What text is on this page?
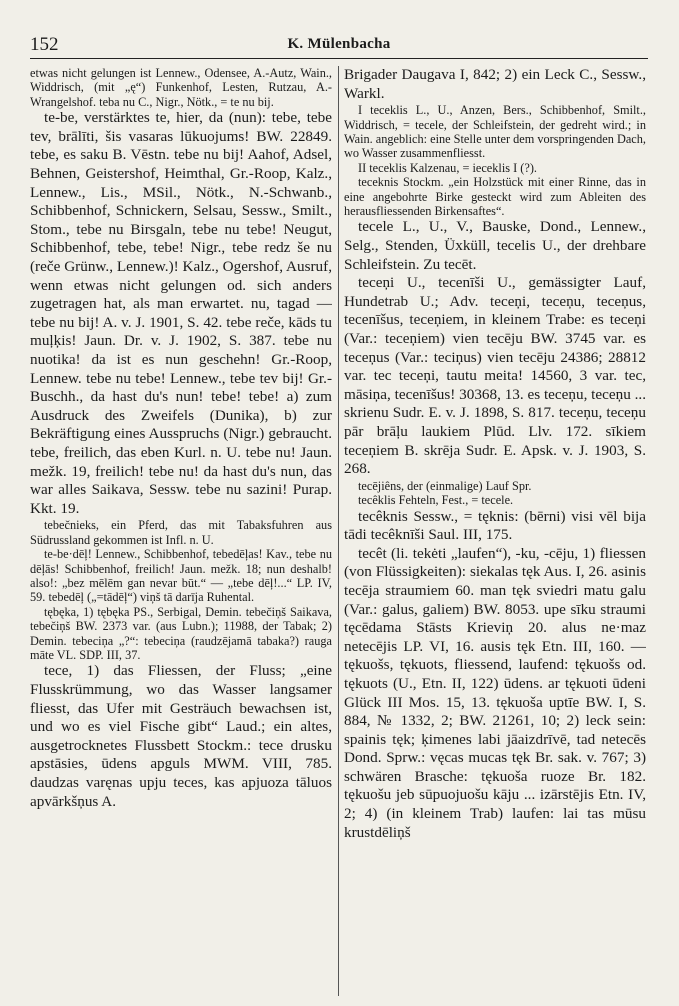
152	K. Mülenbacha

etwas nicht gelungen ist Lennew., Odensee, A.-Autz, Wain., Widdrisch, (mit „ę“) Funkenhof, Lesten, Rutzau, A.-Wrangelshof. teba nu C., Nigr., Nötk., = te nu bij.

te-be, verstärktes te, hier, da (nun): tebe, tebe tev, brālīti, šis vasaras lūkuojums! BW. 22849. tebe, es saku B. Vēstn. tebe nu bij! Aahof, Adsel, Behnen, Geistershof, Heimthal, Gr.-Roop, Kalz., Lennew., Lis., MSil., Nötk., N.-Schwanb., Schibbenhof, Schnickern, Selsau, Sessw., Smilt., Stom., tebe nu Birsgaln, tebe nu tebe! Neugut, Schibbenhof, tebe, tebe! Nigr., tebe redz še nu (reče Grünw., Lennew.)! Kalz., Ogershof, Ausruf, wenn etwas nicht gelungen od. sich anders zugetragen hat, als man erwartet. nu, tagad — tebe nu bij! A. v. J. 1901, S. 42. tebe reče, kāds tu muļķis! Jaun. Dr. v. J. 1902, S. 387. tebe nu nuotika! da ist es nun geschehn! Gr.-Roop, Lennew. tebe nu tebe! Lennew., tebe tev bij! Gr.-Buschh., da hast du's nun! tebe! tebe! a) zum Ausdruck des Zweifels (Dunika), b) zur Bekräftigung eines Ausspruchs (Nigr.) gebraucht. tebe, freilich, das eben Kurl. n. U. tebe nu! Jaun. mežk. 19, freilich! tebe nu! da hast du's nun, das war alles Saikava, Sessw. tebe nu sazini! Purap. Kkt. 19.

tebečnieks, ein Pferd, das mit Tabaksfuhren aus Südrussland gekommen ist Infl. n. U.

te-be·dēļ! Lennew., Schibbenhof, tebedēļas! Kav., tebe nu dēļās! Schibbenhof, freilich! Jaun. mežk. 18; nun deshalb! also!: „bez mēlēm gan nevar būt.“ — „tebe dēļ!...“ LP. IV, 59. tebedēļ („=tādēļ“) viņš tā darīja Ruhental.

tębęka, 1) tębęka PS., Serbigal, Demin. tebečiņš Saikava, tebečiņš BW. 2373 var. (aus Lubn.); 11988, der Tabak; 2) Demin. tebeciņa „?“: tebeciņa (raudzējamā tabaka?) rauga māte VL. SDP. III, 37.

tece, 1) das Fliessen, der Fluss; „eine Flusskrümmung, wo das Wasser langsamer fliesst, das Ufer mit Gesträuch bewachsen ist, und wo es viel Fische gibt“ Laud.; ein altes, ausgetrocknetes Flussbett Stockm.: tece drusku apstāsies, ūdens apguls MWM. VIII, 785. daudzas varęnas upju teces, kas apjuoza tāluos apvārkšņus A.

Brigader Daugava I, 842; 2) ein Leck C., Sessw., Warkl.

I teceklis L., U., Anzen, Bers., Schibbenhof, Smilt., Widdrisch, = tecele, der Schleifstein, der gedreht wird.; in Wain. angeblich: eine Stelle unter dem vorspringenden Dach, wo Wasser zusammenfliesst.

II teceklis Kalzenau, = ieceklis I (?).

teceknis Stockm. „ein Holzstück mit einer Rinne, das in eine angebohrte Birke gesteckt wird zum Ableiten des herausfliessenden Birkensaftes“.

tecele L., U., V., Bauske, Dond., Lennew., Selg., Stenden, Üxküll, tecelis U., der drehbare Schleifstein. Zu tecēt.

teceņi U., tecenīši U., gemässigter Lauf, Hundetrab U.; Adv. teceņi, teceņu, teceņus, tecenīšus, teceņiem, in kleinem Trabe: es teceņi (Var.: teceņiem) vien tecēju BW. 3745 var. es teceņus (Var.: teciņus) vien tecēju 24386; 28812 var. tec teceņi, tautu meita! 14560, 3 var. tec, māsiņa, tecenīšus! 30368, 13. es teceņu, teceņu ... skrienu Sudr. E. v. J. 1898, S. 817. teceņu, teceņu pār brāļu laukiem Plūd. Llv. 172. sīkiem teceņiem B. skrēja Sudr. E. Apsk. v. J. 1903, S. 268.

tecējiêns, der (einmalige) Lauf Spr.

tecêklis Fehteln, Fest., = tecele.

tecêknis Sessw., = tęknis: (bērni) visi vēl bija tādi tecêknīši Saul. III, 175.

tecêt (li. tekėti „laufen“), -ku, -cēju, 1) fliessen (von Flüssigkeiten): siekalas tęk Aus. I, 26. asinis tecēja straumiem 60. man tęk sviedri matu galu (Var.: galus, galiem) BW. 8053. upe sīku straumi tęcēdama Stāsts Krieviņ 20. alus ne·maz netecējis LP. VI, 16. ausis tęk Etn. III, 160. — tękuošs, tękuots, fliessend, laufend: tękuošs od. tękuots (U., Etn. II, 122) ūdens. ar tękuoti ūdeni Glück III Mos. 15, 13. tękuoša uptīe BW. I, S. 884, № 1332, 2; BW. 21261, 10; 2) leck sein: spainis tęk; ķimenes labi jāaizdrīvē, tad netecēs Dond. Sprw.: vęcas mucas tęk Br. sak. v. 767; 3) schwären Brasche: tękuoša ruoze Br. 182. tękuošu jeb sūpuojuošu kāju ... izārstējis Etn. IV, 2; 4) (in kleinem Trab) laufen: lai tas mūsu krustdēliņš
